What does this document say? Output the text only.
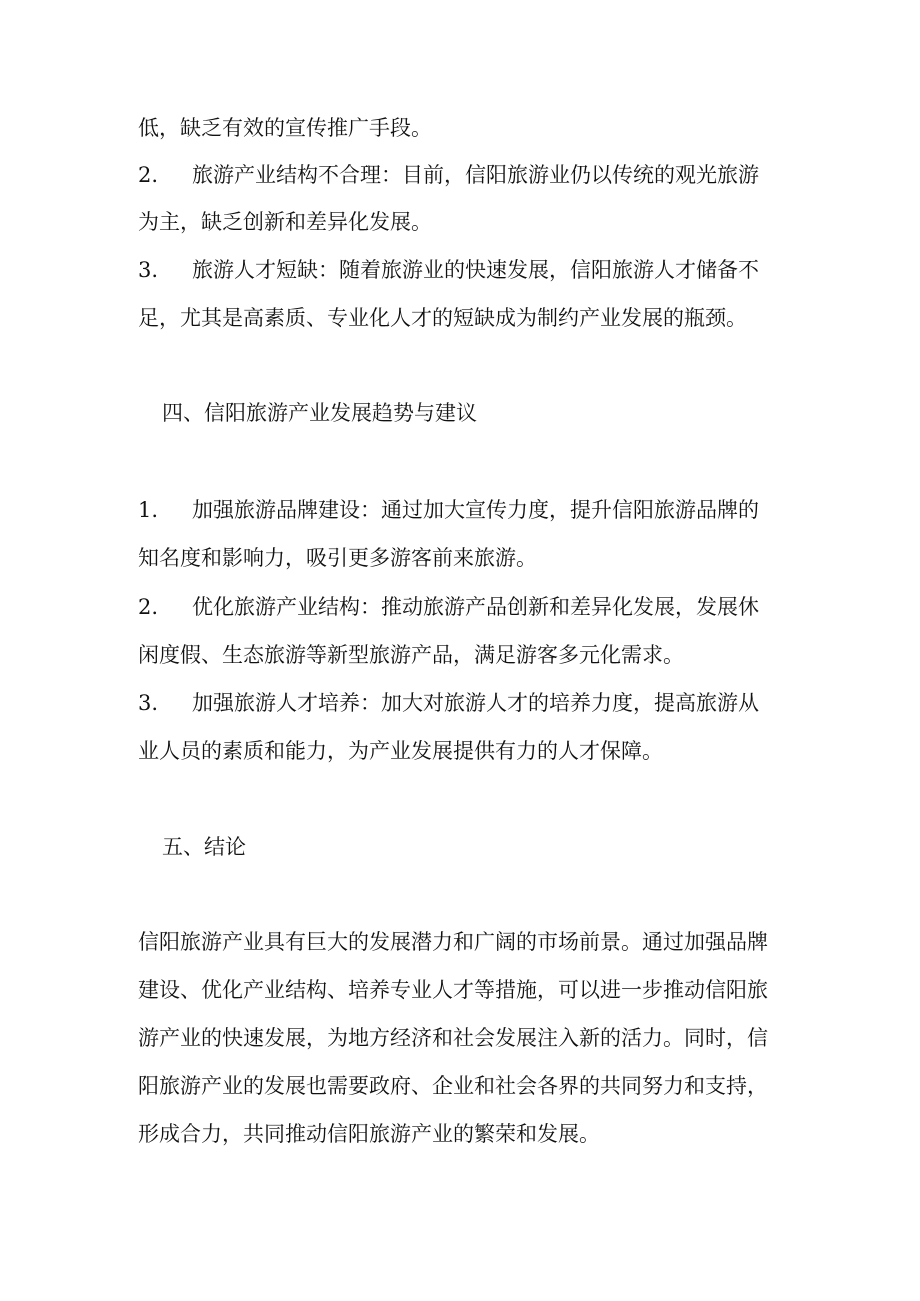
低，缺乏有效的宣传推广手段。
2. 旅游产业结构不合理：目前，信阳旅游业仍以传统的观光旅游
为主，缺乏创新和差异化发展。
3. 旅游人才短缺：随着旅游业的快速发展，信阳旅游人才储备不
足，尤其是高素质、专业化人才的短缺成为制约产业发展的瓶颈。
四、信阳旅游产业发展趋势与建议
1. 加强旅游品牌建设：通过加大宣传力度，提升信阳旅游品牌的
知名度和影响力，吸引更多游客前来旅游。
2. 优化旅游产业结构：推动旅游产品创新和差异化发展，发展休
闲度假、生态旅游等新型旅游产品，满足游客多元化需求。
3. 加强旅游人才培养：加大对旅游人才的培养力度，提高旅游从
业人员的素质和能力，为产业发展提供有力的人才保障。
五、结论
信阳旅游产业具有巨大的发展潜力和广阔的市场前景。通过加强品牌
建设、优化产业结构、培养专业人才等措施，可以进一步推动信阳旅
游产业的快速发展，为地方经济和社会发展注入新的活力。同时，信
阳旅游产业的发展也需要政府、企业和社会各界的共同努力和支持，
形成合力，共同推动信阳旅游产业的繁荣和发展。
